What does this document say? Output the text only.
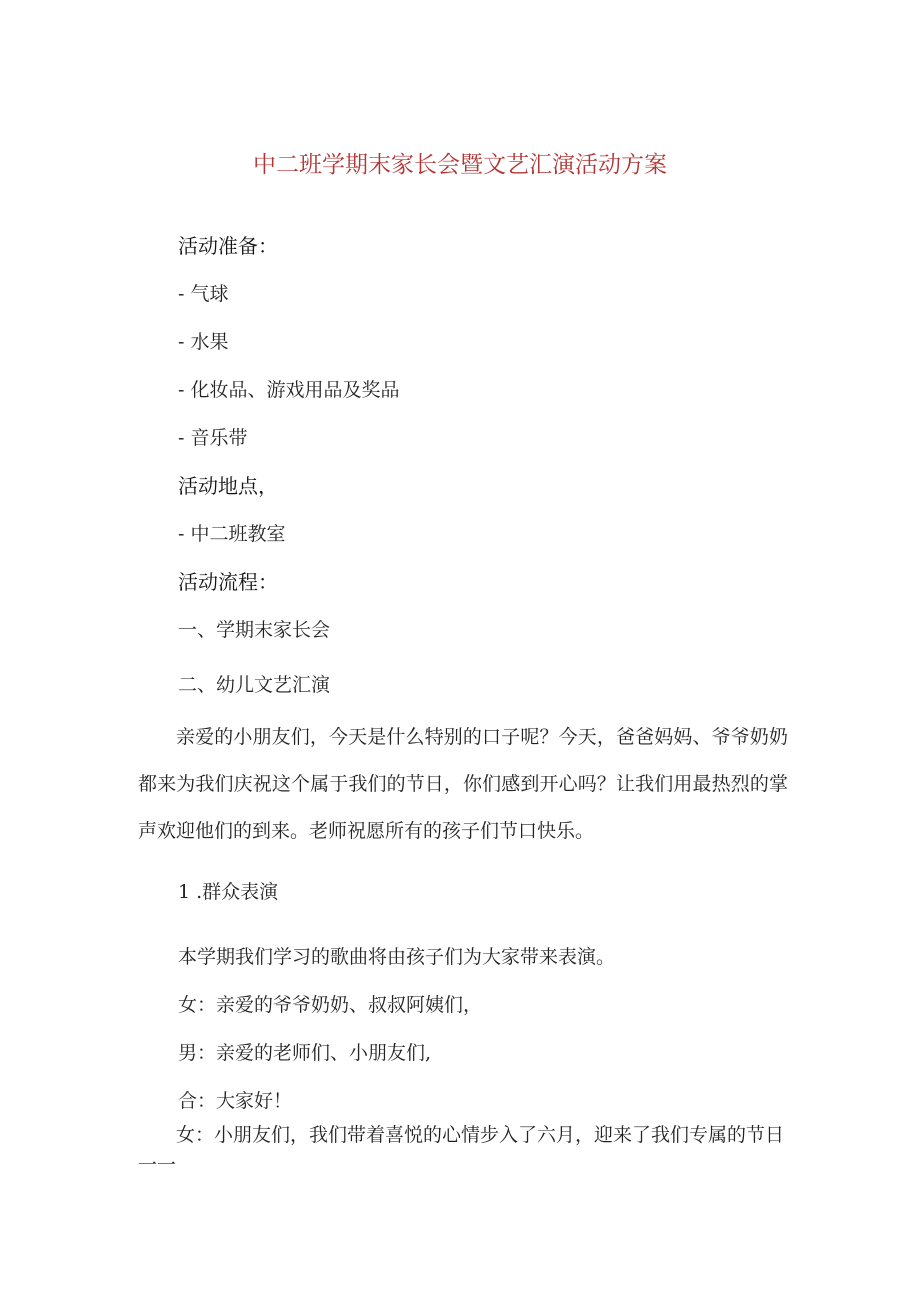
中二班学期末家长会暨文艺汇演活动方案
活动准备：
- 气球
- 水果
- 化妆品、游戏用品及奖品
- 音乐带
活动地点，
- 中二班教室
活动流程：
一、学期末家长会
二、幼儿文艺汇演
亲爱的小朋友们，今天是什么特别的口子呢？今天，爸爸妈妈、爷爷奶奶都来为我们庆祝这个属于我们的节日，你们感到开心吗？让我们用最热烈的掌声欢迎他们的到来。老师祝愿所有的孩子们节口快乐。
1 .群众表演
本学期我们学习的歌曲将由孩子们为大家带来表演。
女：亲爱的爷爷奶奶、叔叔阿姨们，
男：亲爱的老师们、小朋友们,
合：大家好！
女：小朋友们，我们带着喜悦的心情步入了六月，迎来了我们专属的节日一一
